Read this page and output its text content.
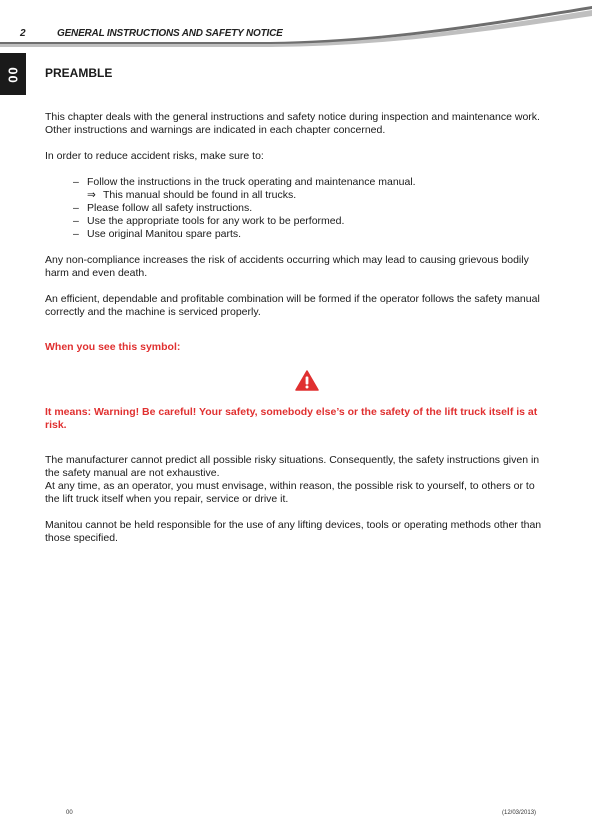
2	GENERAL INSTRUCTIONS AND SAFETY NOTICE
00 PREAMBLE

This chapter deals with the general instructions and safety notice during inspection and maintenance work.

Other instructions and warnings are indicated in each chapter concerned.

In order to reduce accident risks, make sure to:

– Follow the instructions in the truck operating and maintenance manual.
⇒ This manual should be found in all trucks.
– Please follow all safety instructions.
– Use the appropriate tools for any work to be performed.
– Use original Manitou spare parts.

Any non-compliance increases the risk of accidents occurring which may lead to causing grievous bodily harm and even death.

An efficient, dependable and profitable combination will be formed if the operator follows the safety manual correctly and the machine is serviced properly.

When you see this symbol:

It means: Warning! Be careful! Your safety, somebody else’s or the safety of the lift truck itself is at risk.

The manufacturer cannot predict all possible risky situations. Consequently, the safety instructions given in the safety manual are not exhaustive.

At any time, as an operator, you must envisage, within reason, the possible risk to yourself, to others or to the lift truck itself when you repair, service or drive it.

Manitou cannot be held responsible for the use of any lifting devices, tools or operating methods other than those specified.

00	(12/03/2013)
